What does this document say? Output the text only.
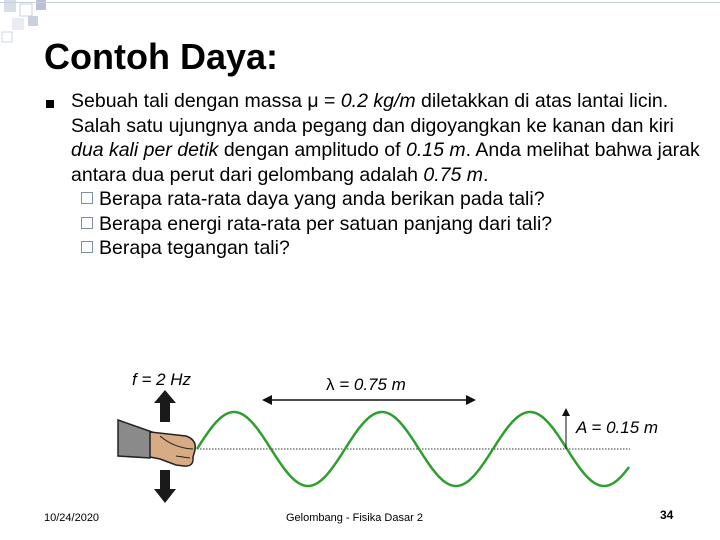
Contoh Daya:
Sebuah tali dengan massa μ = 0.2 kg/m diletakkan di atas lantai licin. Salah satu ujungnya anda pegang dan digoyangkan ke kanan dan kiri dua kali per detik dengan amplitudo of 0.15 m. Anda melihat bahwa jarak antara dua perut dari gelombang adalah 0.75 m.
Berapa rata-rata daya yang anda berikan pada tali?
Berapa energi rata-rata per satuan panjang dari tali?
Berapa tegangan tali?
f = 2 Hz	λ = 0.75 m
A = 0.15 m
10/24/2020	Gelombang - Fisika Dasar 2	34
